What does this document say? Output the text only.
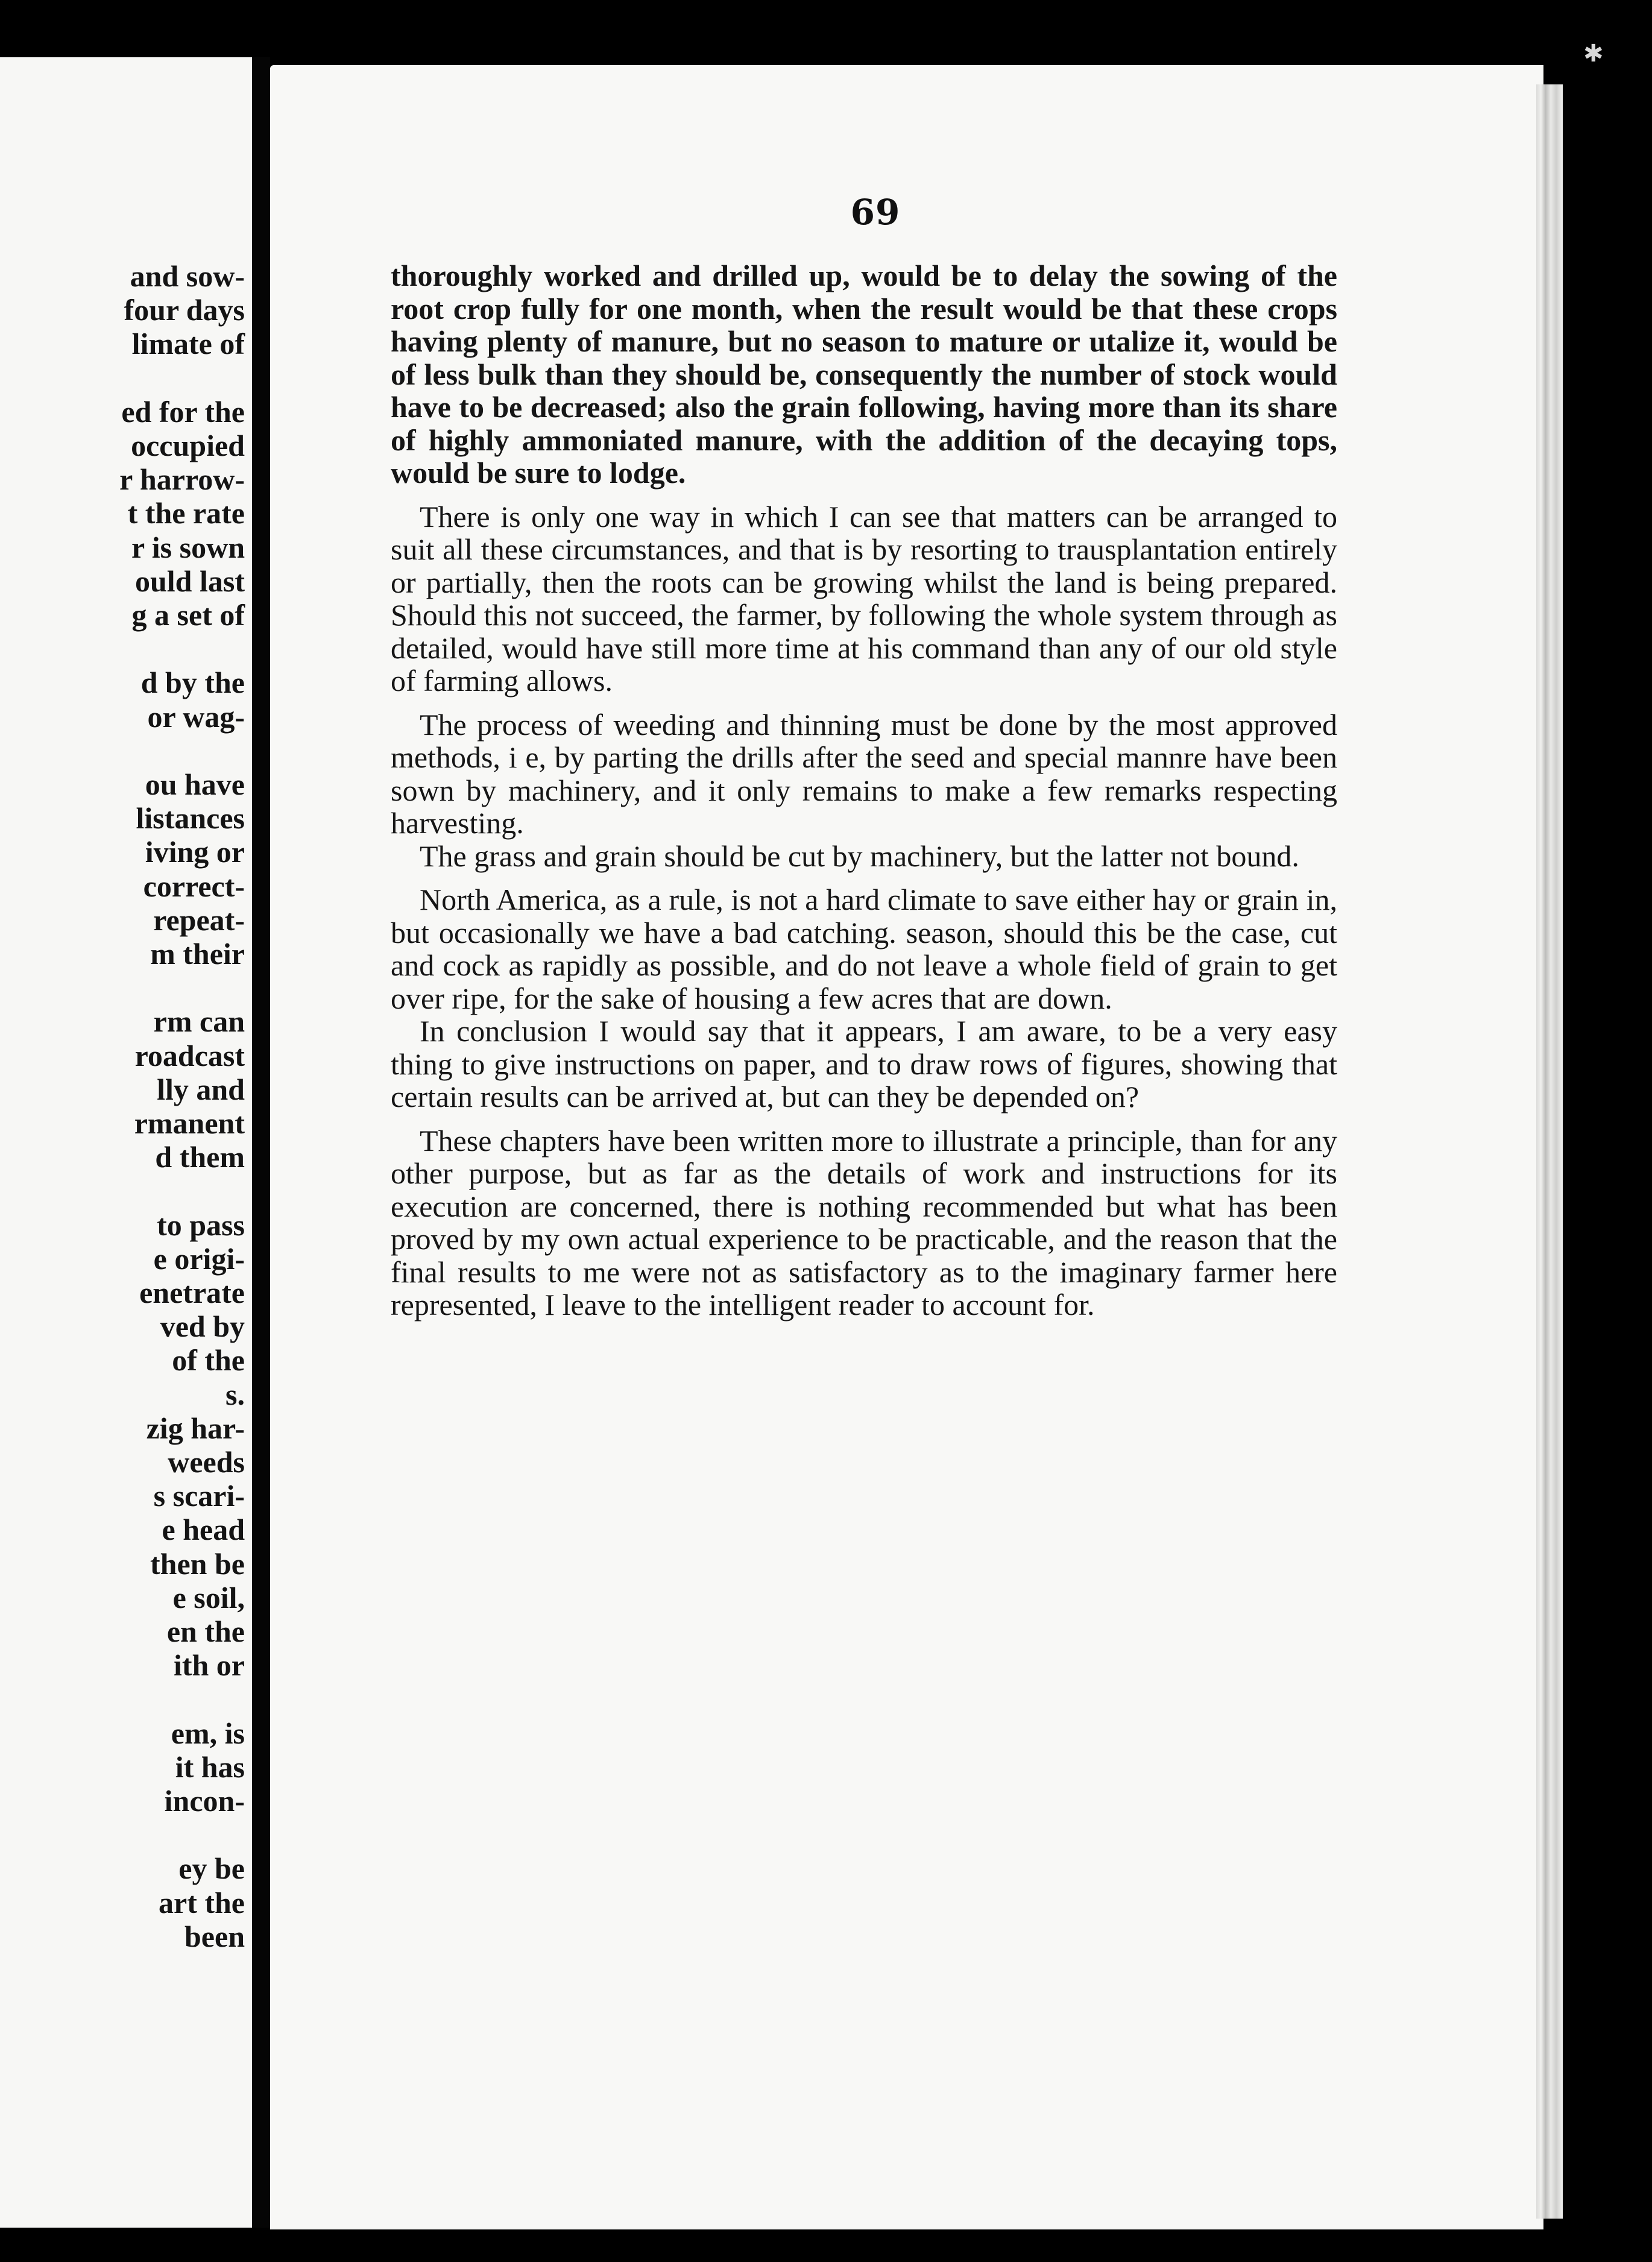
and sow-
four days
limate of
ed for the
occupied
r harrow-
t the rate
r is sown
ould last
g a set of
d by the
or wag-
ou have
listances
iving or
correct-
repeat-
m their
rm can
roadcast
lly and
rmanent
d them
to pass
e origi-
enetrate
ved by
of the
s.
zig har-
weeds
s scari-
e head
then be
e soil,
en the
ith or
em, is
it has
incon-
ey be
art the
been
69

thoroughly worked and drilled up, would be to delay the sowing of the root crop fully for one month, when the result would be that these crops having plenty of manure, but no season to mature or utalize it, would be of less bulk than they should be, consequently the number of stock would have to be decreased; also the grain following, having more than its share of highly ammoniated manure, with the addition of the decaying tops, would be sure to lodge.

There is only one way in which I can see that matters can be arranged to suit all these circumstances, and that is by resorting to trausplantation entirely or partially, then the roots can be growing whilst the land is being prepared. Should this not succeed, the farmer, by following the whole system through as detailed, would have still more time at his command than any of our old style of farming allows.

The process of weeding and thinning must be done by the most approved methods, i e, by parting the drills after the seed and special mannre have been sown by machinery, and it only remains to make a few remarks respecting harvesting.

The grass and grain should be cut by machinery, but the latter not bound.

North America, as a rule, is not a hard climate to save either hay or grain in, but occasionally we have a bad catching. season, should this be the case, cut and cock as rapidly as possible, and do not leave a whole field of grain to get over ripe, for the sake of housing a few acres that are down.

In conclusion I would say that it appears, I am aware, to be a very easy thing to give instructions on paper, and to draw rows of figures, showing that certain results can be arrived at, but can they be depended on?

These chapters have been written more to illustrate a principle, than for any other purpose, but as far as the details of work and instructions for its execution are concerned, there is nothing recommended but what has been proved by my own actual experience to be practicable, and the reason that the final results to me were not as satisfactory as to the imaginary farmer here represented, I leave to the intelligent reader to account for.

✱
